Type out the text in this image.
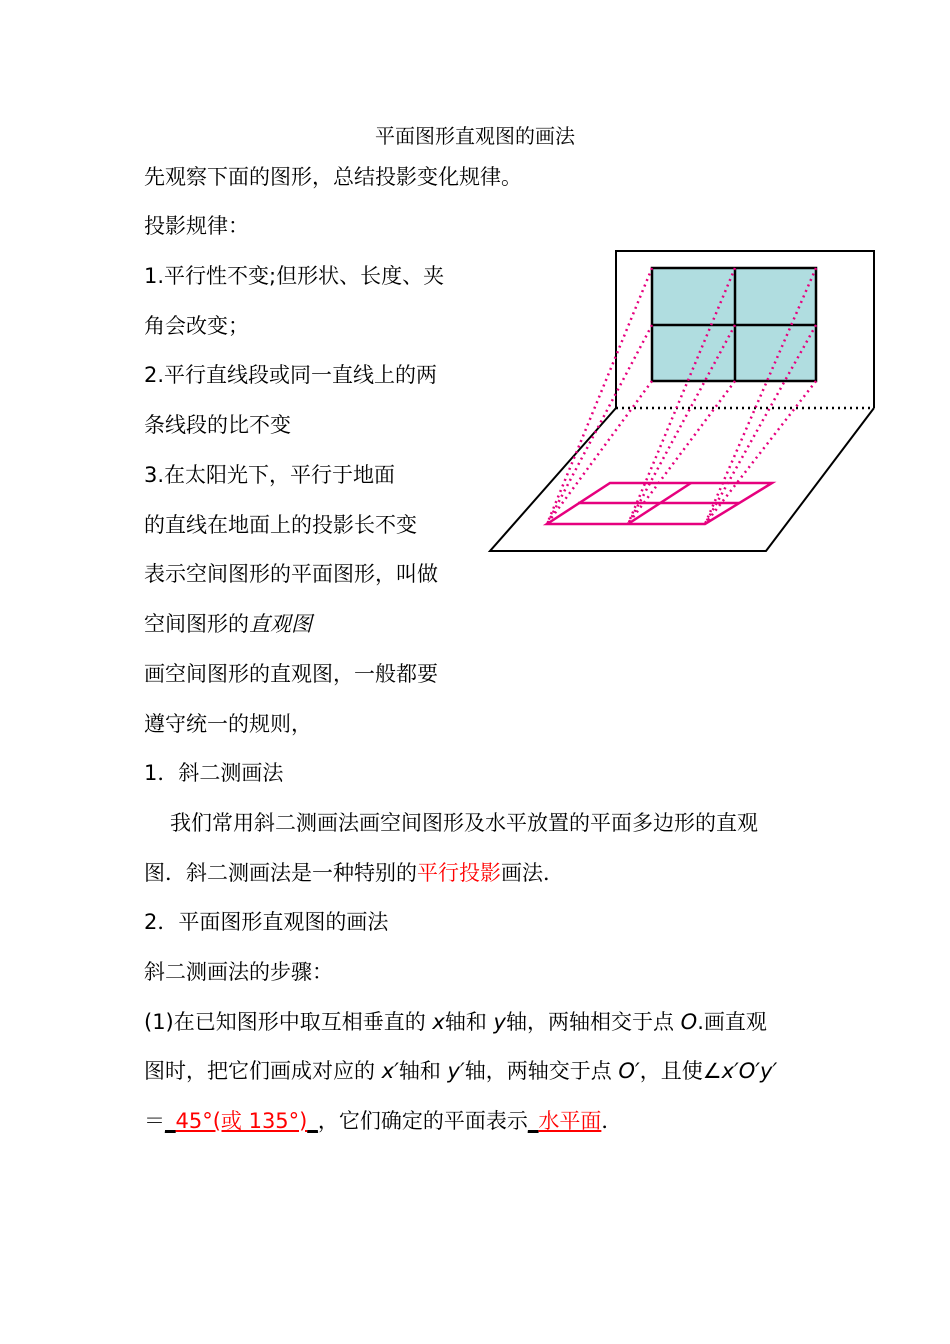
平面图形直观图的画法
先观察下面的图形，总结投影变化规律。
投影规律：
1.平行性不变;但形状、长度、夹
角会改变；
2.平行直线段或同一直线上的两
条线段的比不变
3.在太阳光下，平行于地面
的直线在地面上的投影长不变
表示空间图形的平面图形，叫做
空间图形的直观图
画空间图形的直观图，一般都要
遵守统一的规则，
1．斜二测画法
我们常用斜二测画法画空间图形及水平放置的平面多边形的直观
图．斜二测画法是一种特别的平行投影画法．
2．平面图形直观图的画法
斜二测画法的步骤：
(1)在已知图形中取互相垂直的 x轴和 y轴，两轴相交于点 O.画直观
图时，把它们画成对应的 x′轴和 y′轴，两轴交于点 O′，且使∠x′O′y′
＝_45°(或 135°)_，它们确定的平面表示_水平面．
